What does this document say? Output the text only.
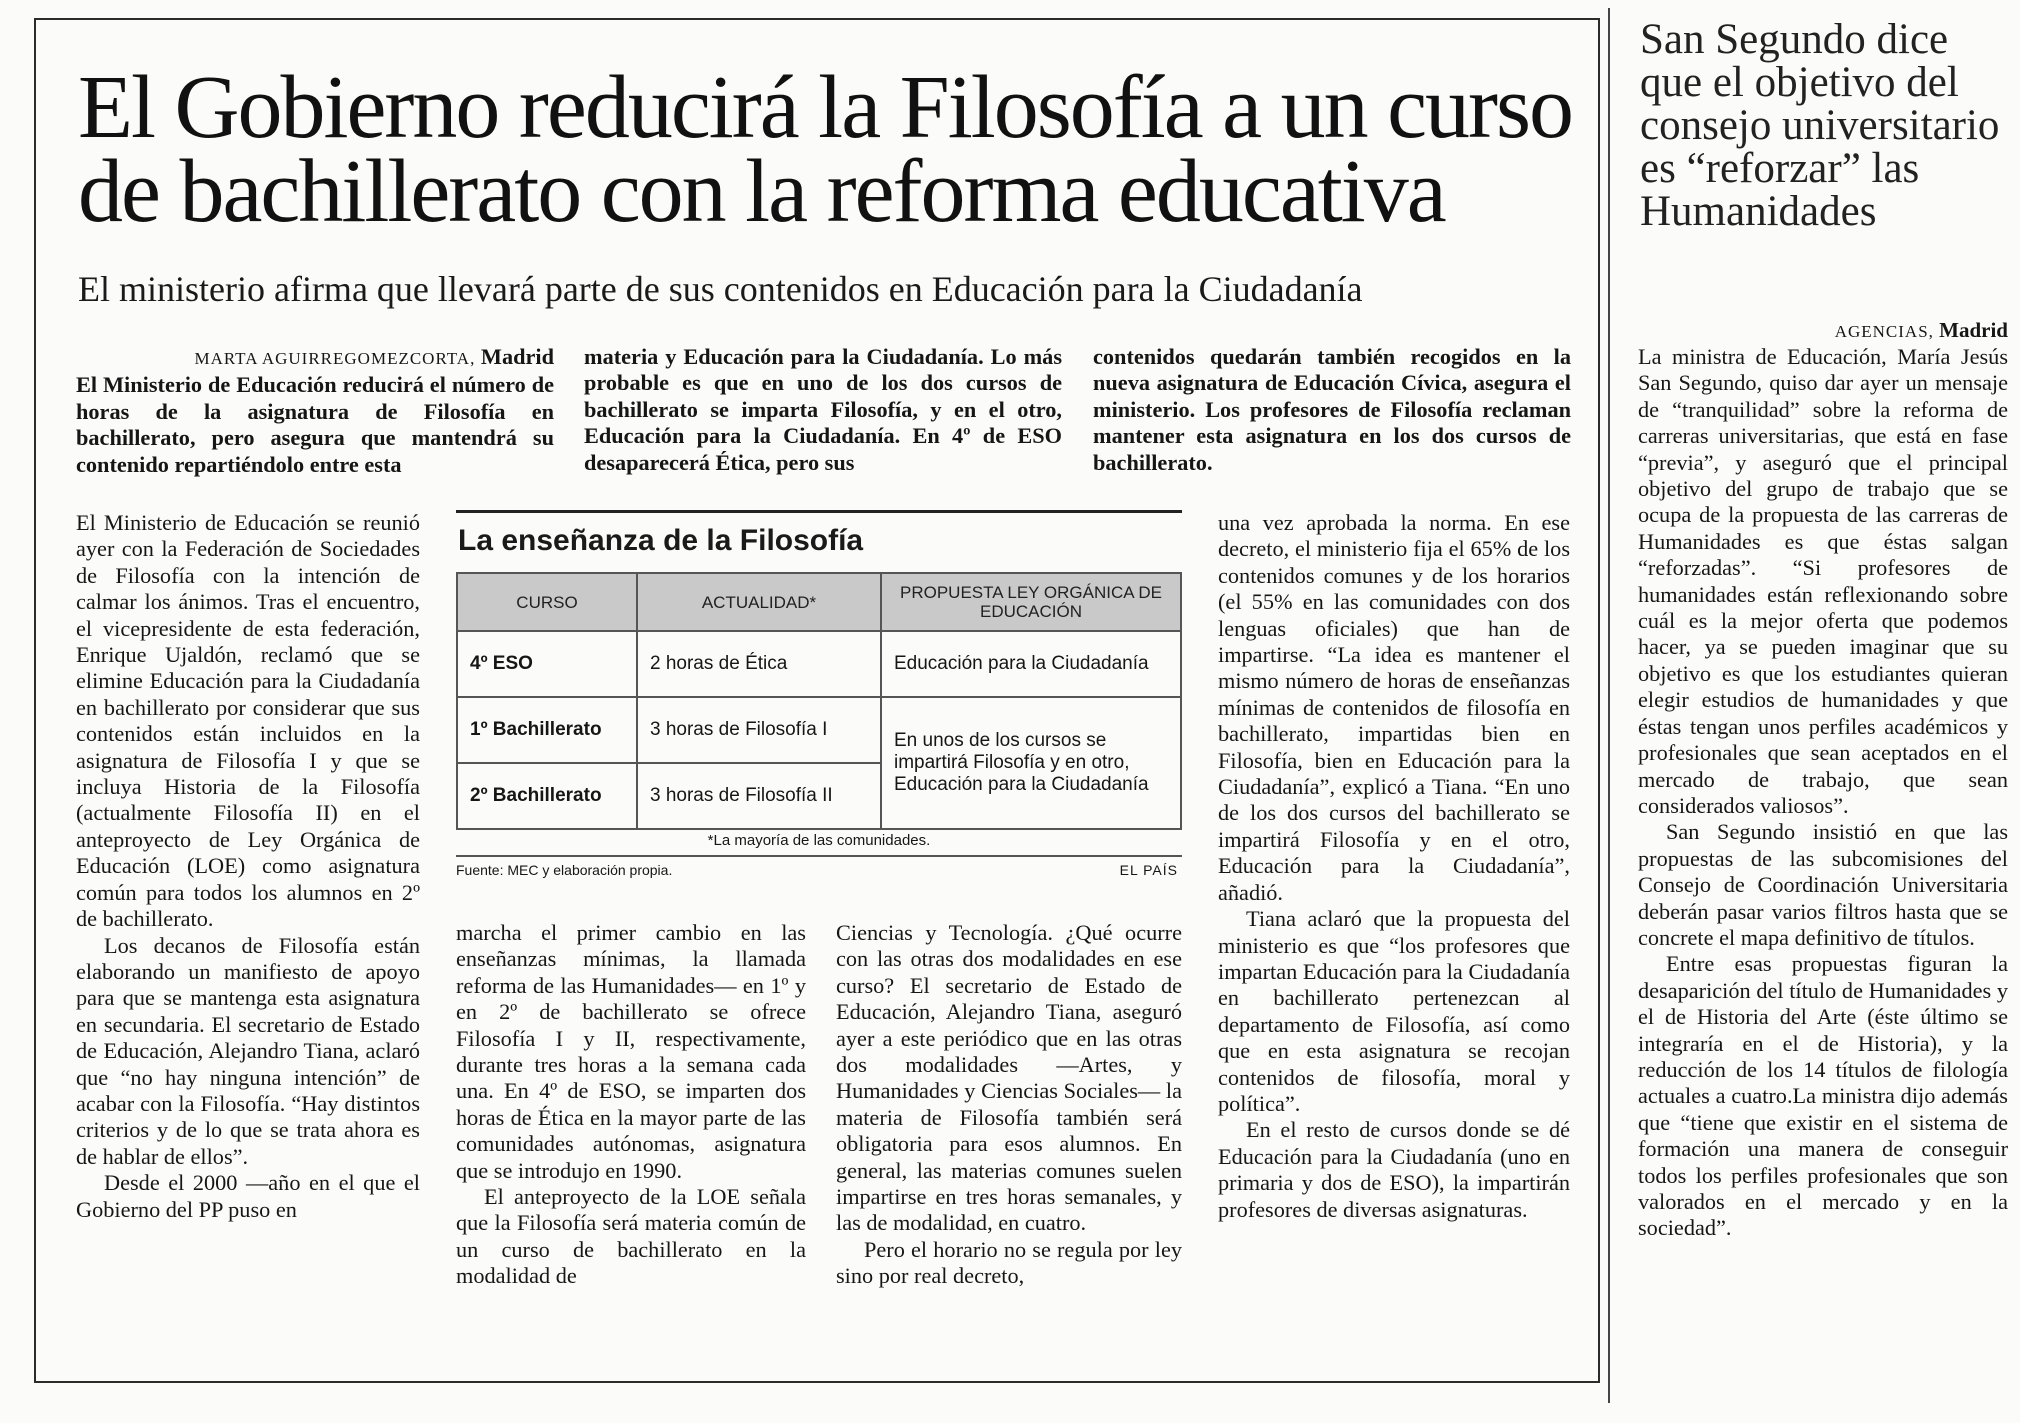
El Gobierno reducirá la Filosofía a un curso de bachillerato con la reforma educativa
El ministerio afirma que llevará parte de sus contenidos en Educación para la Ciudadanía
MARTA AGUIRREGOMEZCORTA, Madrid
El Ministerio de Educación reducirá el número de horas de la asignatura de Filosofía en bachillerato, pero asegura que mantendrá su contenido repartiéndolo entre esta
materia y Educación para la Ciudadanía. Lo más probable es que en uno de los dos cursos de bachillerato se imparta Filosofía, y en el otro, Educación para la Ciudadanía. En 4º de ESO desaparecerá Ética, pero sus
contenidos quedarán también recogidos en la nueva asignatura de Educación Cívica, asegura el ministerio. Los profesores de Filosofía reclaman mantener esta asignatura en los dos cursos de bachillerato.

El Ministerio de Educación se reunió ayer con la Federación de Sociedades de Filosofía con la intención de calmar los ánimos. Tras el encuentro, el vicepresidente de esta federación, Enrique Ujaldón, reclamó que se elimine Educación para la Ciudadanía en bachillerato por considerar que sus contenidos están incluidos en la asignatura de Filosofía I y que se incluya Historia de la Filosofía (actualmente Filosofía II) en el anteproyecto de Ley Orgánica de Educación (LOE) como asignatura común para todos los alumnos en 2º de bachillerato.

Los decanos de Filosofía están elaborando un manifiesto de apoyo para que se mantenga esta asignatura en secundaria. El secretario de Estado de Educación, Alejandro Tiana, aclaró que “no hay ninguna intención” de acabar con la Filosofía. “Hay distintos criterios y de lo que se trata ahora es de hablar de ellos”.

Desde el 2000 —año en el que el Gobierno del PP puso en

La enseñanza de la Filosofía
CURSO	ACTUALIDAD*	PROPUESTA LEY ORGÁNICA DE EDUCACIÓN
4º ESO	2 horas de Ética	Educación para la Ciudadanía
1º Bachillerato	3 horas de Filosofía I	En unos de los cursos se impartirá Filosofía y en otro, Educación para la Ciudadanía
2º Bachillerato	3 horas de Filosofía II	
*La mayoría de las comunidades.
Fuente: MEC y elaboración propia.	EL PAÍS

marcha el primer cambio en las enseñanzas mínimas, la llamada reforma de las Humanidades— en 1º y en 2º de bachillerato se ofrece Filosofía I y II, respectivamente, durante tres horas a la semana cada una. En 4º de ESO, se imparten dos horas de Ética en la mayor parte de las comunidades autónomas, asignatura que se introdujo en 1990.

El anteproyecto de la LOE señala que la Filosofía será materia común de un curso de bachillerato en la modalidad de

Ciencias y Tecnología. ¿Qué ocurre con las otras dos modalidades en ese curso? El secretario de Estado de Educación, Alejandro Tiana, aseguró ayer a este periódico que en las otras dos modalidades —Artes, y Humanidades y Ciencias Sociales— la materia de Filosofía también será obligatoria para esos alumnos. En general, las materias comunes suelen impartirse en tres horas semanales, y las de modalidad, en cuatro.

Pero el horario no se regula por ley sino por real decreto,

una vez aprobada la norma. En ese decreto, el ministerio fija el 65% de los contenidos comunes y de los horarios (el 55% en las comunidades con dos lenguas oficiales) que han de impartirse. “La idea es mantener el mismo número de horas de enseñanzas mínimas de contenidos de filosofía en bachillerato, impartidas bien en Filosofía, bien en Educación para la Ciudadanía”, explicó a Tiana. “En uno de los dos cursos del bachillerato se impartirá Filosofía y en el otro, Educación para la Ciudadanía”, añadió.

Tiana aclaró que la propuesta del ministerio es que “los profesores que impartan Educación para la Ciudadanía en bachillerato pertenezcan al departamento de Filosofía, así como que en esta asignatura se recojan contenidos de filosofía, moral y política”.

En el resto de cursos donde se dé Educación para la Ciudadanía (uno en primaria y dos de ESO), la impartirán profesores de diversas asignaturas.

San Segundo dice que el objetivo del consejo universitario es “reforzar” las Humanidades
AGENCIAS, Madrid

La ministra de Educación, María Jesús San Segundo, quiso dar ayer un mensaje de “tranquilidad” sobre la reforma de carreras universitarias, que está en fase “previa”, y aseguró que el principal objetivo del grupo de trabajo que se ocupa de la propuesta de las carreras de Humanidades es que éstas salgan “reforzadas”. “Si profesores de humanidades están reflexionando sobre cuál es la mejor oferta que podemos hacer, ya se pueden imaginar que su objetivo es que los estudiantes quieran elegir estudios de humanidades y que éstas tengan unos perfiles académicos y profesionales que sean aceptados en el mercado de trabajo, que sean considerados valiosos”.

San Segundo insistió en que las propuestas de las subcomisiones del Consejo de Coordinación Universitaria deberán pasar varios filtros hasta que se concrete el mapa definitivo de títulos.

Entre esas propuestas figuran la desaparición del título de Humanidades y el de Historia del Arte (éste último se integraría en el de Historia), y la reducción de los 14 títulos de filología actuales a cuatro.La ministra dijo además que “tiene que existir en el sistema de formación una manera de conseguir todos los perfiles profesionales que son valorados en el mercado y en la sociedad”.
